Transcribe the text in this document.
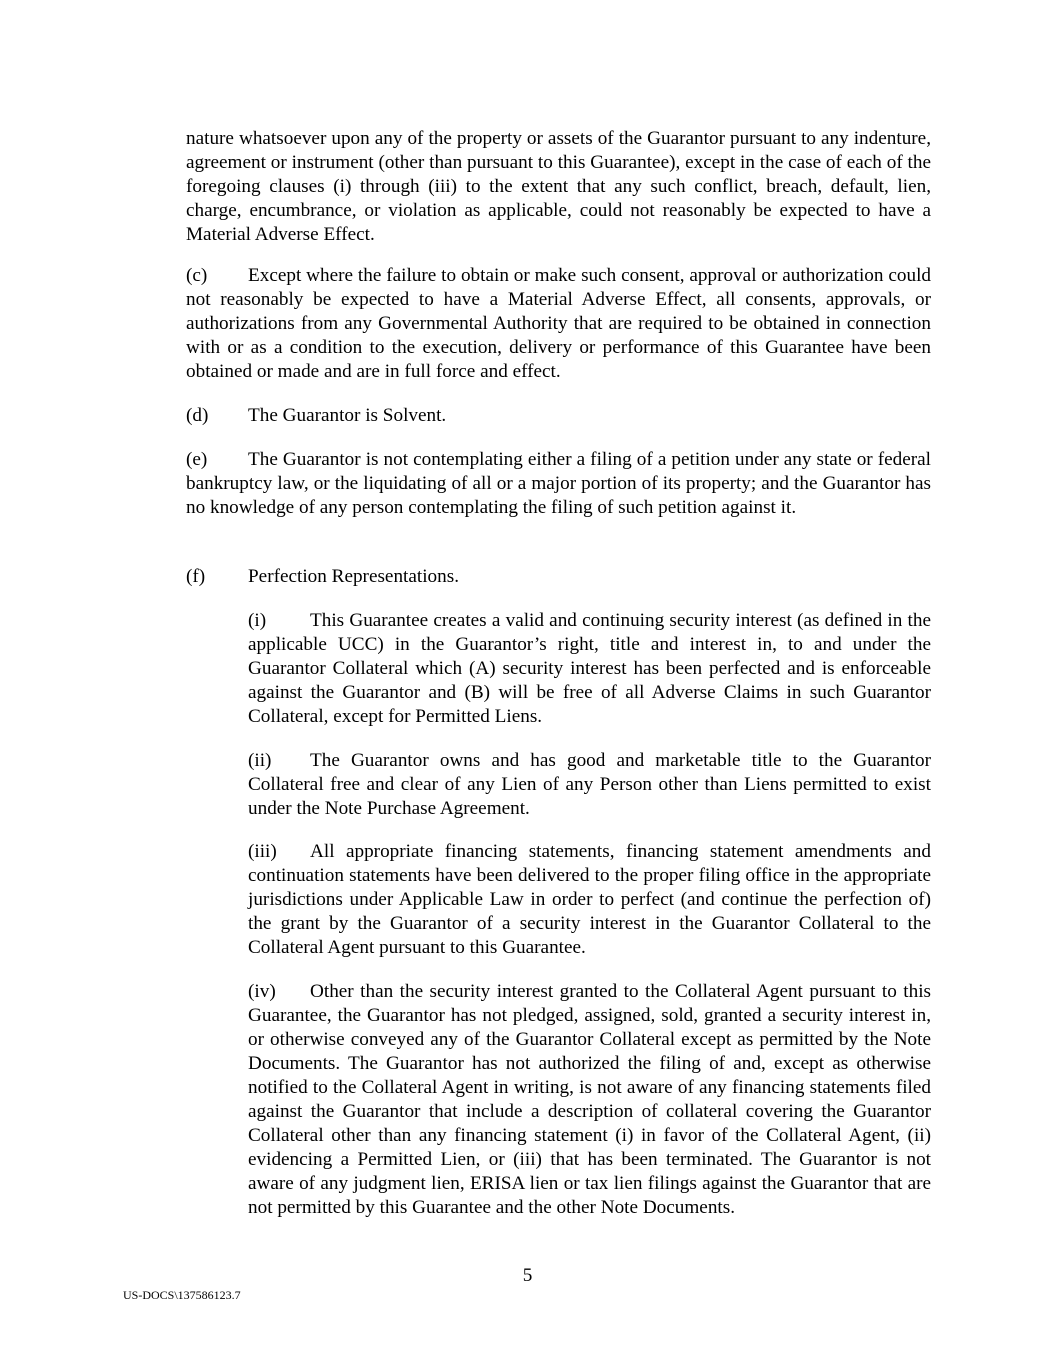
nature whatsoever upon any of the property or assets of the Guarantor pursuant to any indenture, agreement or instrument (other than pursuant to this Guarantee), except in the case of each of the foregoing clauses (i) through (iii) to the extent that any such conflict, breach, default, lien, charge, encumbrance, or violation as applicable, could not reasonably be expected to have a Material Adverse Effect.

(c) Except where the failure to obtain or make such consent, approval or authorization could not reasonably be expected to have a Material Adverse Effect, all consents, approvals, or authorizations from any Governmental Authority that are required to be obtained in connection with or as a condition to the execution, delivery or performance of this Guarantee have been obtained or made and are in full force and effect.

(d) The Guarantor is Solvent.

(e) The Guarantor is not contemplating either a filing of a petition under any state or federal bankruptcy law, or the liquidating of all or a major portion of its property; and the Guarantor has no knowledge of any person contemplating the filing of such petition against it.

(f) Perfection Representations.

(i) This Guarantee creates a valid and continuing security interest (as defined in the applicable UCC) in the Guarantor’s right, title and interest in, to and under the Guarantor Collateral which (A) security interest has been perfected and is enforceable against the Guarantor and (B) will be free of all Adverse Claims in such Guarantor Collateral, except for Permitted Liens.

(ii) The Guarantor owns and has good and marketable title to the Guarantor Collateral free and clear of any Lien of any Person other than Liens permitted to exist under the Note Purchase Agreement.

(iii) All appropriate financing statements, financing statement amendments and continuation statements have been delivered to the proper filing office in the appropriate jurisdictions under Applicable Law in order to perfect (and continue the perfection of) the grant by the Guarantor of a security interest in the Guarantor Collateral to the Collateral Agent pursuant to this Guarantee.

(iv) Other than the security interest granted to the Collateral Agent pursuant to this Guarantee, the Guarantor has not pledged, assigned, sold, granted a security interest in, or otherwise conveyed any of the Guarantor Collateral except as permitted by the Note Documents. The Guarantor has not authorized the filing of and, except as otherwise notified to the Collateral Agent in writing, is not aware of any financing statements filed against the Guarantor that include a description of collateral covering the Guarantor Collateral other than any financing statement (i) in favor of the Collateral Agent, (ii) evidencing a Permitted Lien, or (iii) that has been terminated. The Guarantor is not aware of any judgment lien, ERISA lien or tax lien filings against the Guarantor that are not permitted by this Guarantee and the other Note Documents.

5
US-DOCS\137586123.7
